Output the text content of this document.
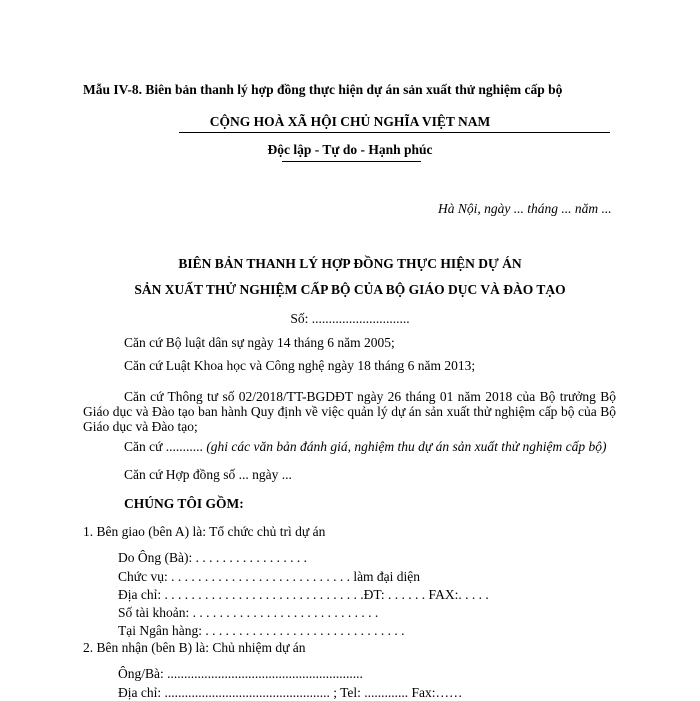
Mẫu IV-8. Biên bản thanh lý hợp đồng thực hiện dự án sản xuất thử nghiệm cấp bộ
CỘNG HOÀ XÃ HỘI CHỦ NGHĨA VIỆT NAM
Độc lập - Tự do - Hạnh phúc
Hà Nội, ngày ... tháng ... năm ...
BIÊN BẢN THANH LÝ HỢP ĐỒNG THỰC HIỆN DỰ ÁN
SẢN XUẤT THỬ NGHIỆM CẤP BỘ CỦA BỘ GIÁO DỤC VÀ ĐÀO TẠO
Số: .............................
Căn cứ Bộ luật dân sự ngày 14 tháng 6 năm 2005;
Căn cứ Luật Khoa học và Công nghệ ngày 18 tháng 6 năm 2013;
Căn cứ Thông tư số 02/2018/TT-BGDĐT ngày 26 tháng 01 năm 2018 của Bộ trưởng Bộ Giáo dục và Đào tạo ban hành Quy định về việc quản lý dự án sản xuất thử nghiệm cấp bộ của Bộ Giáo dục và Đào tạo;
Căn cứ ........... (ghi các văn bản đánh giá, nghiệm thu dự án sản xuất thử nghiệm cấp bộ)
Căn cứ Hợp đồng số ... ngày ...
CHÚNG TÔI GỒM:
1. Bên giao (bên A) là: Tổ chức chủ trì dự án
Do Ông (Bà): . . . . . . . . . . . . . . . . .
Chức vụ: . . . . . . . . . . . . . . . . . . . . . . . . . . . làm đại diện
Địa chỉ: . . . . . . . . . . . . . . . . . . . . . . . . . . . . . .ĐT: . . . . . . FAX:. . . . .
Số tài khoản: . . . . . . . . . . . . . . . . . . . . . . . . . . . .
Tại Ngân hàng: . . . . . . . . . . . . . . . . . . . . . . . . . . . . . .
2. Bên nhận (bên B) là: Chủ nhiệm dự án
Ông/Bà: ..........................................................
Địa chỉ: ................................................. ; Tel: ............. Fax:……
